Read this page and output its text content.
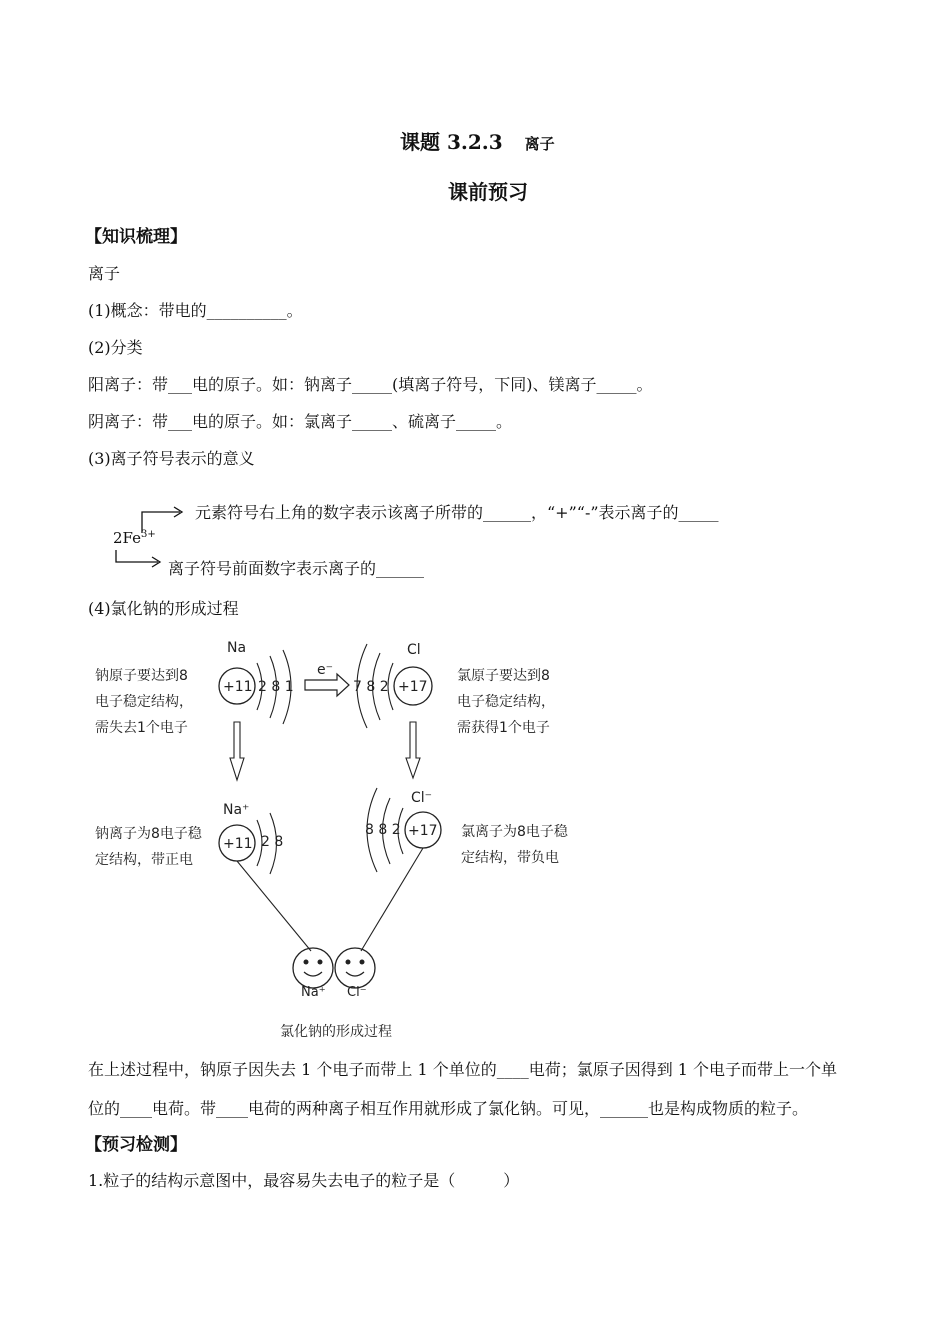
课题 3.2.3 离子
课前预习
【知识梳理】
离子
(1)概念：带电的__________。
(2)分类
阳离子：带___电的原子。如：钠离子_____(填离子符号，下同)、镁离子_____。
阴离子：带___电的原子。如：氯离子_____、硫离子_____。
(3)离子符号表示的意义
$2Fe^{3+}$
元素符号右上角的数字表示该离子所带的______，“+”“-”表示离子的_____
离子符号前面数字表示离子的______
(4)氯化钠的形成过程
Na
+11 2 8 1
钠原子要达到8
电子稳定结构，
需失去1个电子
e⁻
Cl
+17
7 8 2
氯原子要达到8
电子稳定结构，
需获得1个电子
Na⁺
+11 2 8
钠离子为8电子稳
定结构，带正电
Cl⁻
+17
8 8 2	氯离子为8电子稳
定结构，带负电
Na⁺ Cl⁻
氯化钠的形成过程
在上述过程中，钠原子因失去 1 个电子而带上 1 个单位的____电荷；氯原子因得到 1 个电子而带上一个单
位的____电荷。带____电荷的两种离子相互作用就形成了氯化钠。可见，______也是构成物质的粒子。
【预习检测】
1.粒子的结构示意图中，最容易失去电子的粒子是（　　　）
